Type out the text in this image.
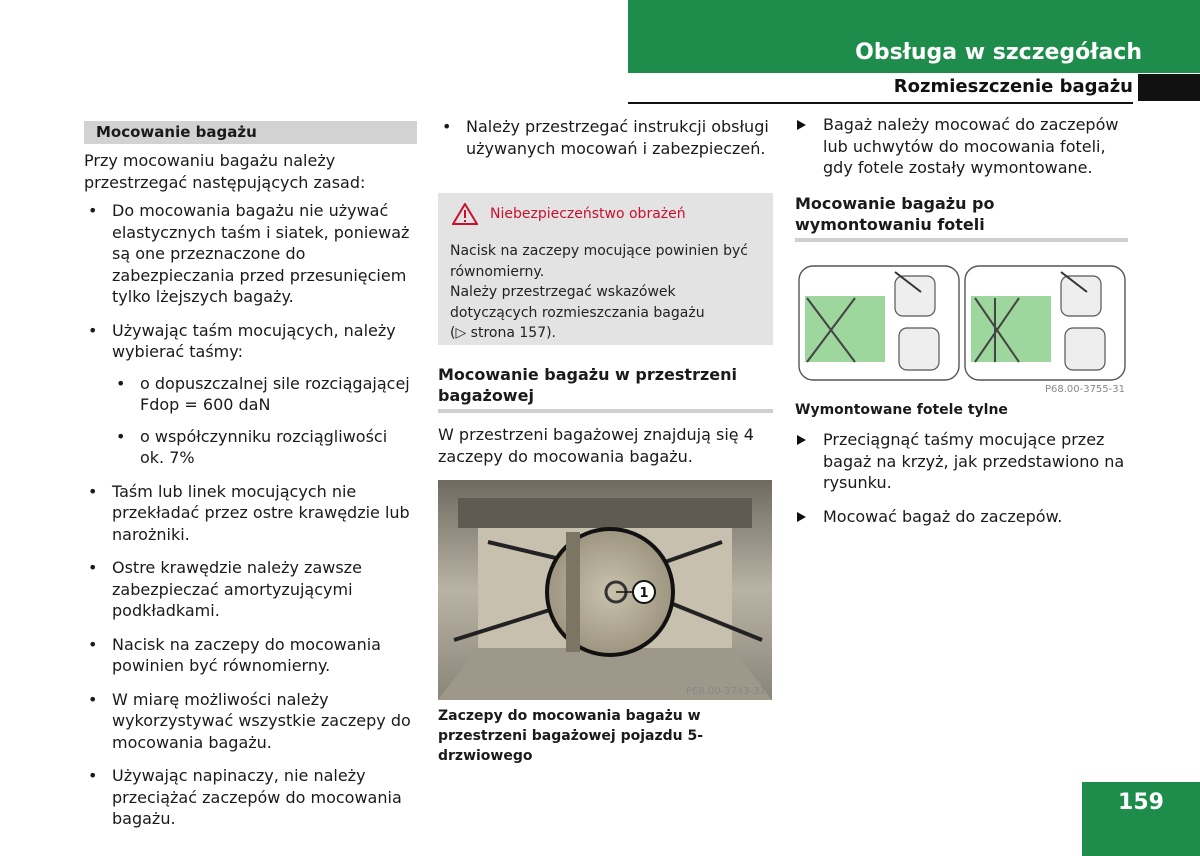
Obsługa w szczegółach
Rozmieszczenie bagażu
Mocowanie bagażu
Przy mocowaniu bagażu należy przestrzegać następujących zasad:
• Do mocowania bagażu nie używać elastycznych taśm i siatek, ponieważ są one przeznaczone do zabezpieczania przed przesunięciem tylko lżejszych bagaży.
• Używając taśm mocujących, należy wybierać taśmy:
• o dopuszczalnej sile rozciągającej Fdop = 600 daN
• o współczynniku rozciągliwości ok. 7%
• Taśm lub linek mocujących nie przekładać przez ostre krawędzie lub narożniki.
• Ostre krawędzie należy zawsze zabezpieczać amortyzującymi podkładkami.
• Nacisk na zaczepy do mocowania powinien być równomierny.
• W miarę możliwości należy wykorzystywać wszystkie zaczepy do mocowania bagażu.
• Używając napinaczy, nie należy przeciążać zaczepów do mocowania bagażu.
• Należy przestrzegać instrukcji obsługi używanych mocowań i zabezpieczeń.
Niebezpieczeństwo obrażeń
Nacisk na zaczepy mocujące powinien być równomierny.
Należy przestrzegać wskazówek dotyczących rozmieszczania bagażu
(▷ strona 157).
Mocowanie bagażu w przestrzeni bagażowej
W przestrzeni bagażowej znajdują się 4 zaczepy do mocowania bagażu.
1
P68.00-3743-31
Zaczepy do mocowania bagażu w przestrzeni bagażowej pojazdu 5-drzwiowego
Bagaż należy mocować do zaczepów lub uchwytów do mocowania foteli, gdy fotele zostały wymontowane.
Mocowanie bagażu po wymontowaniu foteli
P68.00-3755-31
Wymontowane fotele tylne
Przeciągnąć taśmy mocujące przez bagaż na krzyż, jak przedstawiono na rysunku.
Mocować bagaż do zaczepów.
159
